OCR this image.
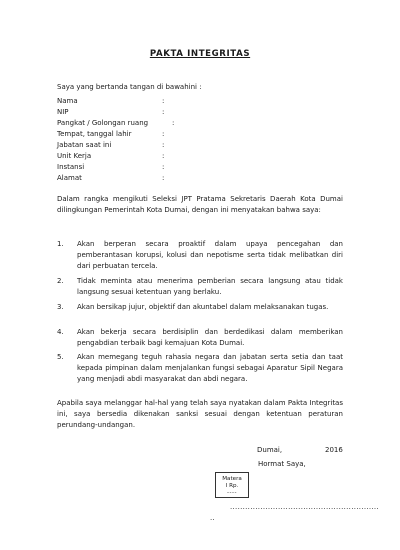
PAKTA INTEGRITAS
Saya yang bertanda tangan di bawahini :
Nama	:
NIP	:
Pangkat / Golongan ruang	:
Tempat, tanggal lahir	:
Jabatan saat ini	:
Unit Kerja	:
Instansi	:
Alamat	:
Dalam rangka mengikuti Seleksi JPT Pratama Sekretaris Daerah Kota Dumai dilingkungan Pemerintah Kota Dumai, dengan ini menyatakan bahwa saya:
1. Akan berperan secara proaktif dalam upaya pencegahan dan pemberantasan korupsi, kolusi dan nepotisme serta tidak melibatkan diri dari perbuatan tercela.
2. Tidak meminta atau menerima pemberian secara langsung atau tidak langsung sesuai ketentuan yang berlaku.
3. Akan bersikap jujur, objektif dan akuntabel dalam melaksanakan tugas.
4. Akan bekerja secara berdisiplin dan berdedikasi dalam memberikan pengabdian terbaik bagi kemajuan Kota Dumai.
5. Akan memegang teguh rahasia negara dan jabatan serta setia dan taat kepada pimpinan dalam menjalankan fungsi sebagai Aparatur Sipil Negara yang menjadi abdi masyarakat dan abdi negara.
Apabila saya melanggar hal-hal yang telah saya nyatakan dalam Pakta Integritas ini, saya bersedia dikenakan sanksi sesuai dengan ketentuan peraturan perundang-undangan.
Dumai,	2016
Hormat Saya,
Matera
I Rp.
----
...........................................................
..
